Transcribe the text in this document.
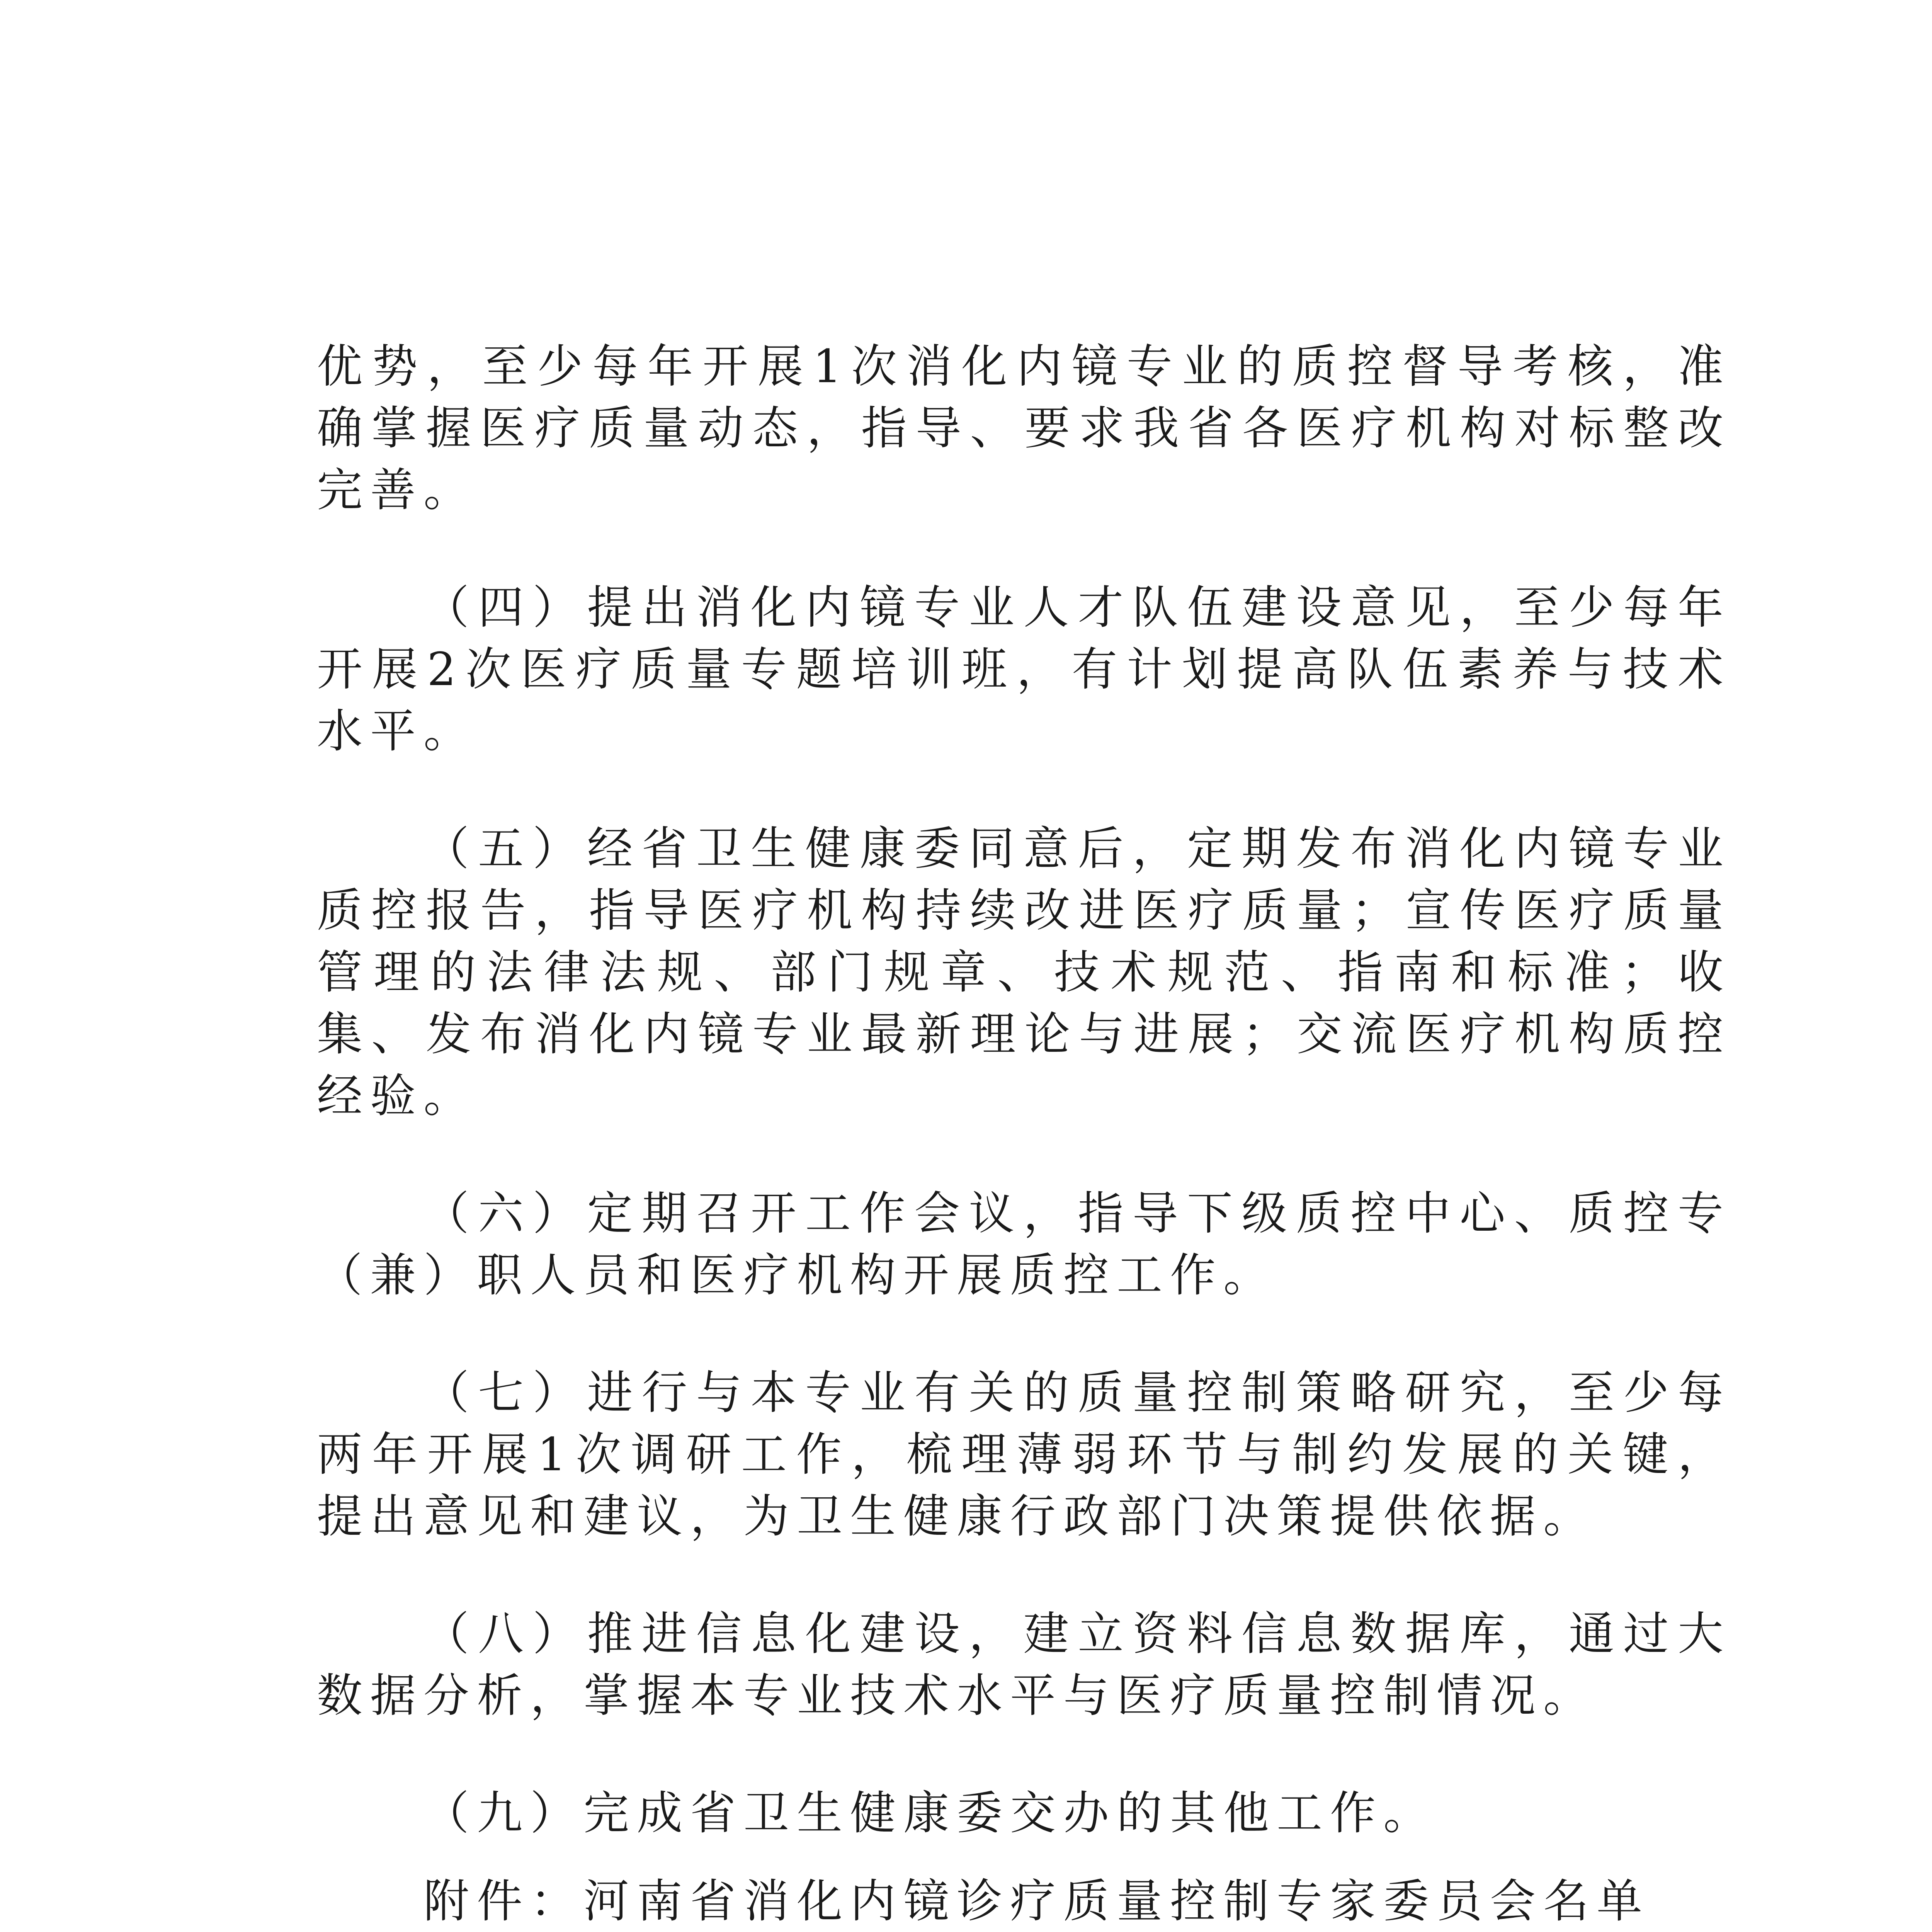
优势，至少每年开展1次消化内镜专业的质控督导考核，准确掌握医疗质量动态，指导、要求我省各医疗机构对标整改完善。

（四）提出消化内镜专业人才队伍建设意见，至少每年开展2次医疗质量专题培训班，有计划提高队伍素养与技术水平。

（五）经省卫生健康委同意后，定期发布消化内镜专业质控报告，指导医疗机构持续改进医疗质量；宣传医疗质量管理的法律法规、部门规章、技术规范、指南和标准；收集、发布消化内镜专业最新理论与进展；交流医疗机构质控经验。

（六）定期召开工作会议，指导下级质控中心、质控专（兼）职人员和医疗机构开展质控工作。

（七）进行与本专业有关的质量控制策略研究，至少每两年开展1次调研工作，梳理薄弱环节与制约发展的关键，提出意见和建议，为卫生健康行政部门决策提供依据。

（八）推进信息化建设，建立资料信息数据库，通过大数据分析，掌握本专业技术水平与医疗质量控制情况。

（九）完成省卫生健康委交办的其他工作。

附件：河南省消化内镜诊疗质量控制专家委员会名单
